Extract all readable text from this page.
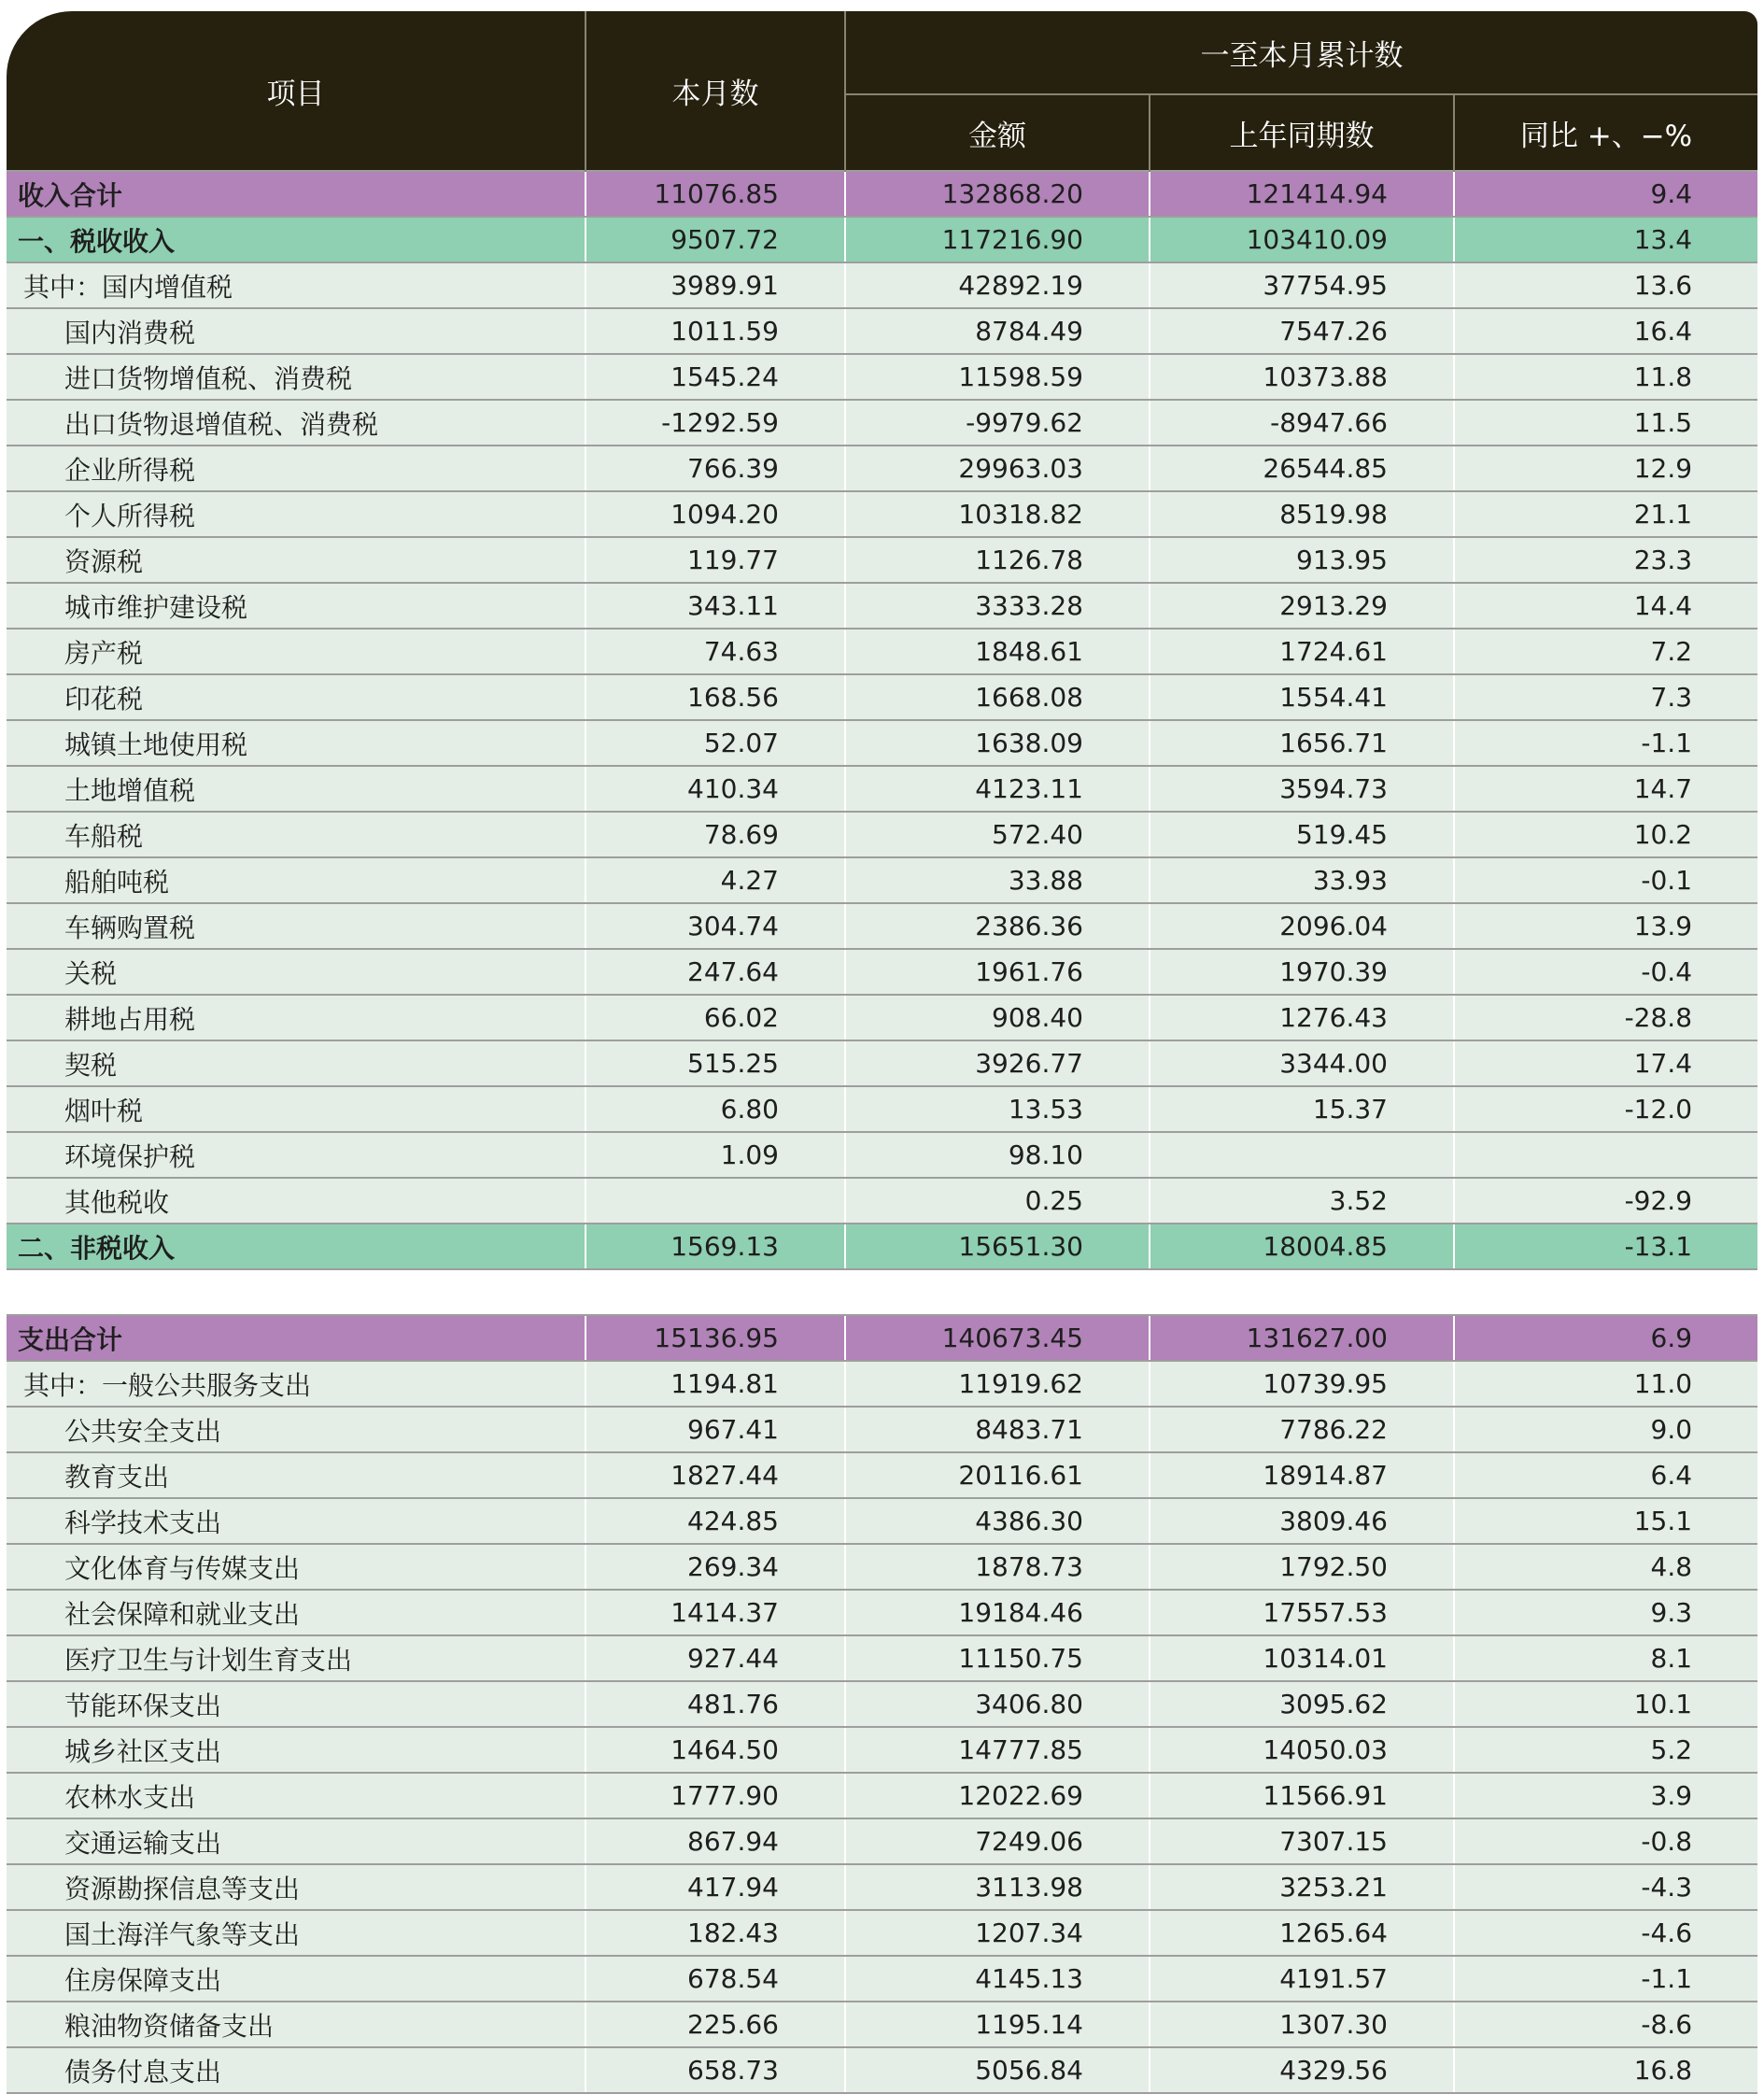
项目	本月数	一至本月累计数		
		金额	上年同期数	同比 +、−%
收入合计	11076.85	132868.20	121414.94	9.4
一、税收收入	9507.72	117216.90	103410.09	13.4
其中：国内增值税	3989.91	42892.19	37754.95	13.6
国内消费税	1011.59	8784.49	7547.26	16.4
进口货物增值税、消费税	1545.24	11598.59	10373.88	11.8
出口货物退增值税、消费税	-1292.59	-9979.62	-8947.66	11.5
企业所得税	766.39	29963.03	26544.85	12.9
个人所得税	1094.20	10318.82	8519.98	21.1
资源税	119.77	1126.78	913.95	23.3
城市维护建设税	343.11	3333.28	2913.29	14.4
房产税	74.63	1848.61	1724.61	7.2
印花税	168.56	1668.08	1554.41	7.3
城镇土地使用税	52.07	1638.09	1656.71	-1.1
土地增值税	410.34	4123.11	3594.73	14.7
车船税	78.69	572.40	519.45	10.2
船舶吨税	4.27	33.88	33.93	-0.1
车辆购置税	304.74	2386.36	2096.04	13.9
关税	247.64	1961.76	1970.39	-0.4
耕地占用税	66.02	908.40	1276.43	-28.8
契税	515.25	3926.77	3344.00	17.4
烟叶税	6.80	13.53	15.37	-12.0
环境保护税	1.09	98.10		
其他税收		0.25	3.52	-92.9
二、非税收入	1569.13	15651.30	18004.85	-13.1

支出合计	15136.95	140673.45	131627.00	6.9
其中：一般公共服务支出	1194.81	11919.62	10739.95	11.0
公共安全支出	967.41	8483.71	7786.22	9.0
教育支出	1827.44	20116.61	18914.87	6.4
科学技术支出	424.85	4386.30	3809.46	15.1
文化体育与传媒支出	269.34	1878.73	1792.50	4.8
社会保障和就业支出	1414.37	19184.46	17557.53	9.3
医疗卫生与计划生育支出	927.44	11150.75	10314.01	8.1
节能环保支出	481.76	3406.80	3095.62	10.1
城乡社区支出	1464.50	14777.85	14050.03	5.2
农林水支出	1777.90	12022.69	11566.91	3.9
交通运输支出	867.94	7249.06	7307.15	-0.8
资源勘探信息等支出	417.94	3113.98	3253.21	-4.3
国土海洋气象等支出	182.43	1207.34	1265.64	-4.6
住房保障支出	678.54	4145.13	4191.57	-1.1
粮油物资储备支出	225.66	1195.14	1307.30	-8.6
债务付息支出	658.73	5056.84	4329.56	16.8
